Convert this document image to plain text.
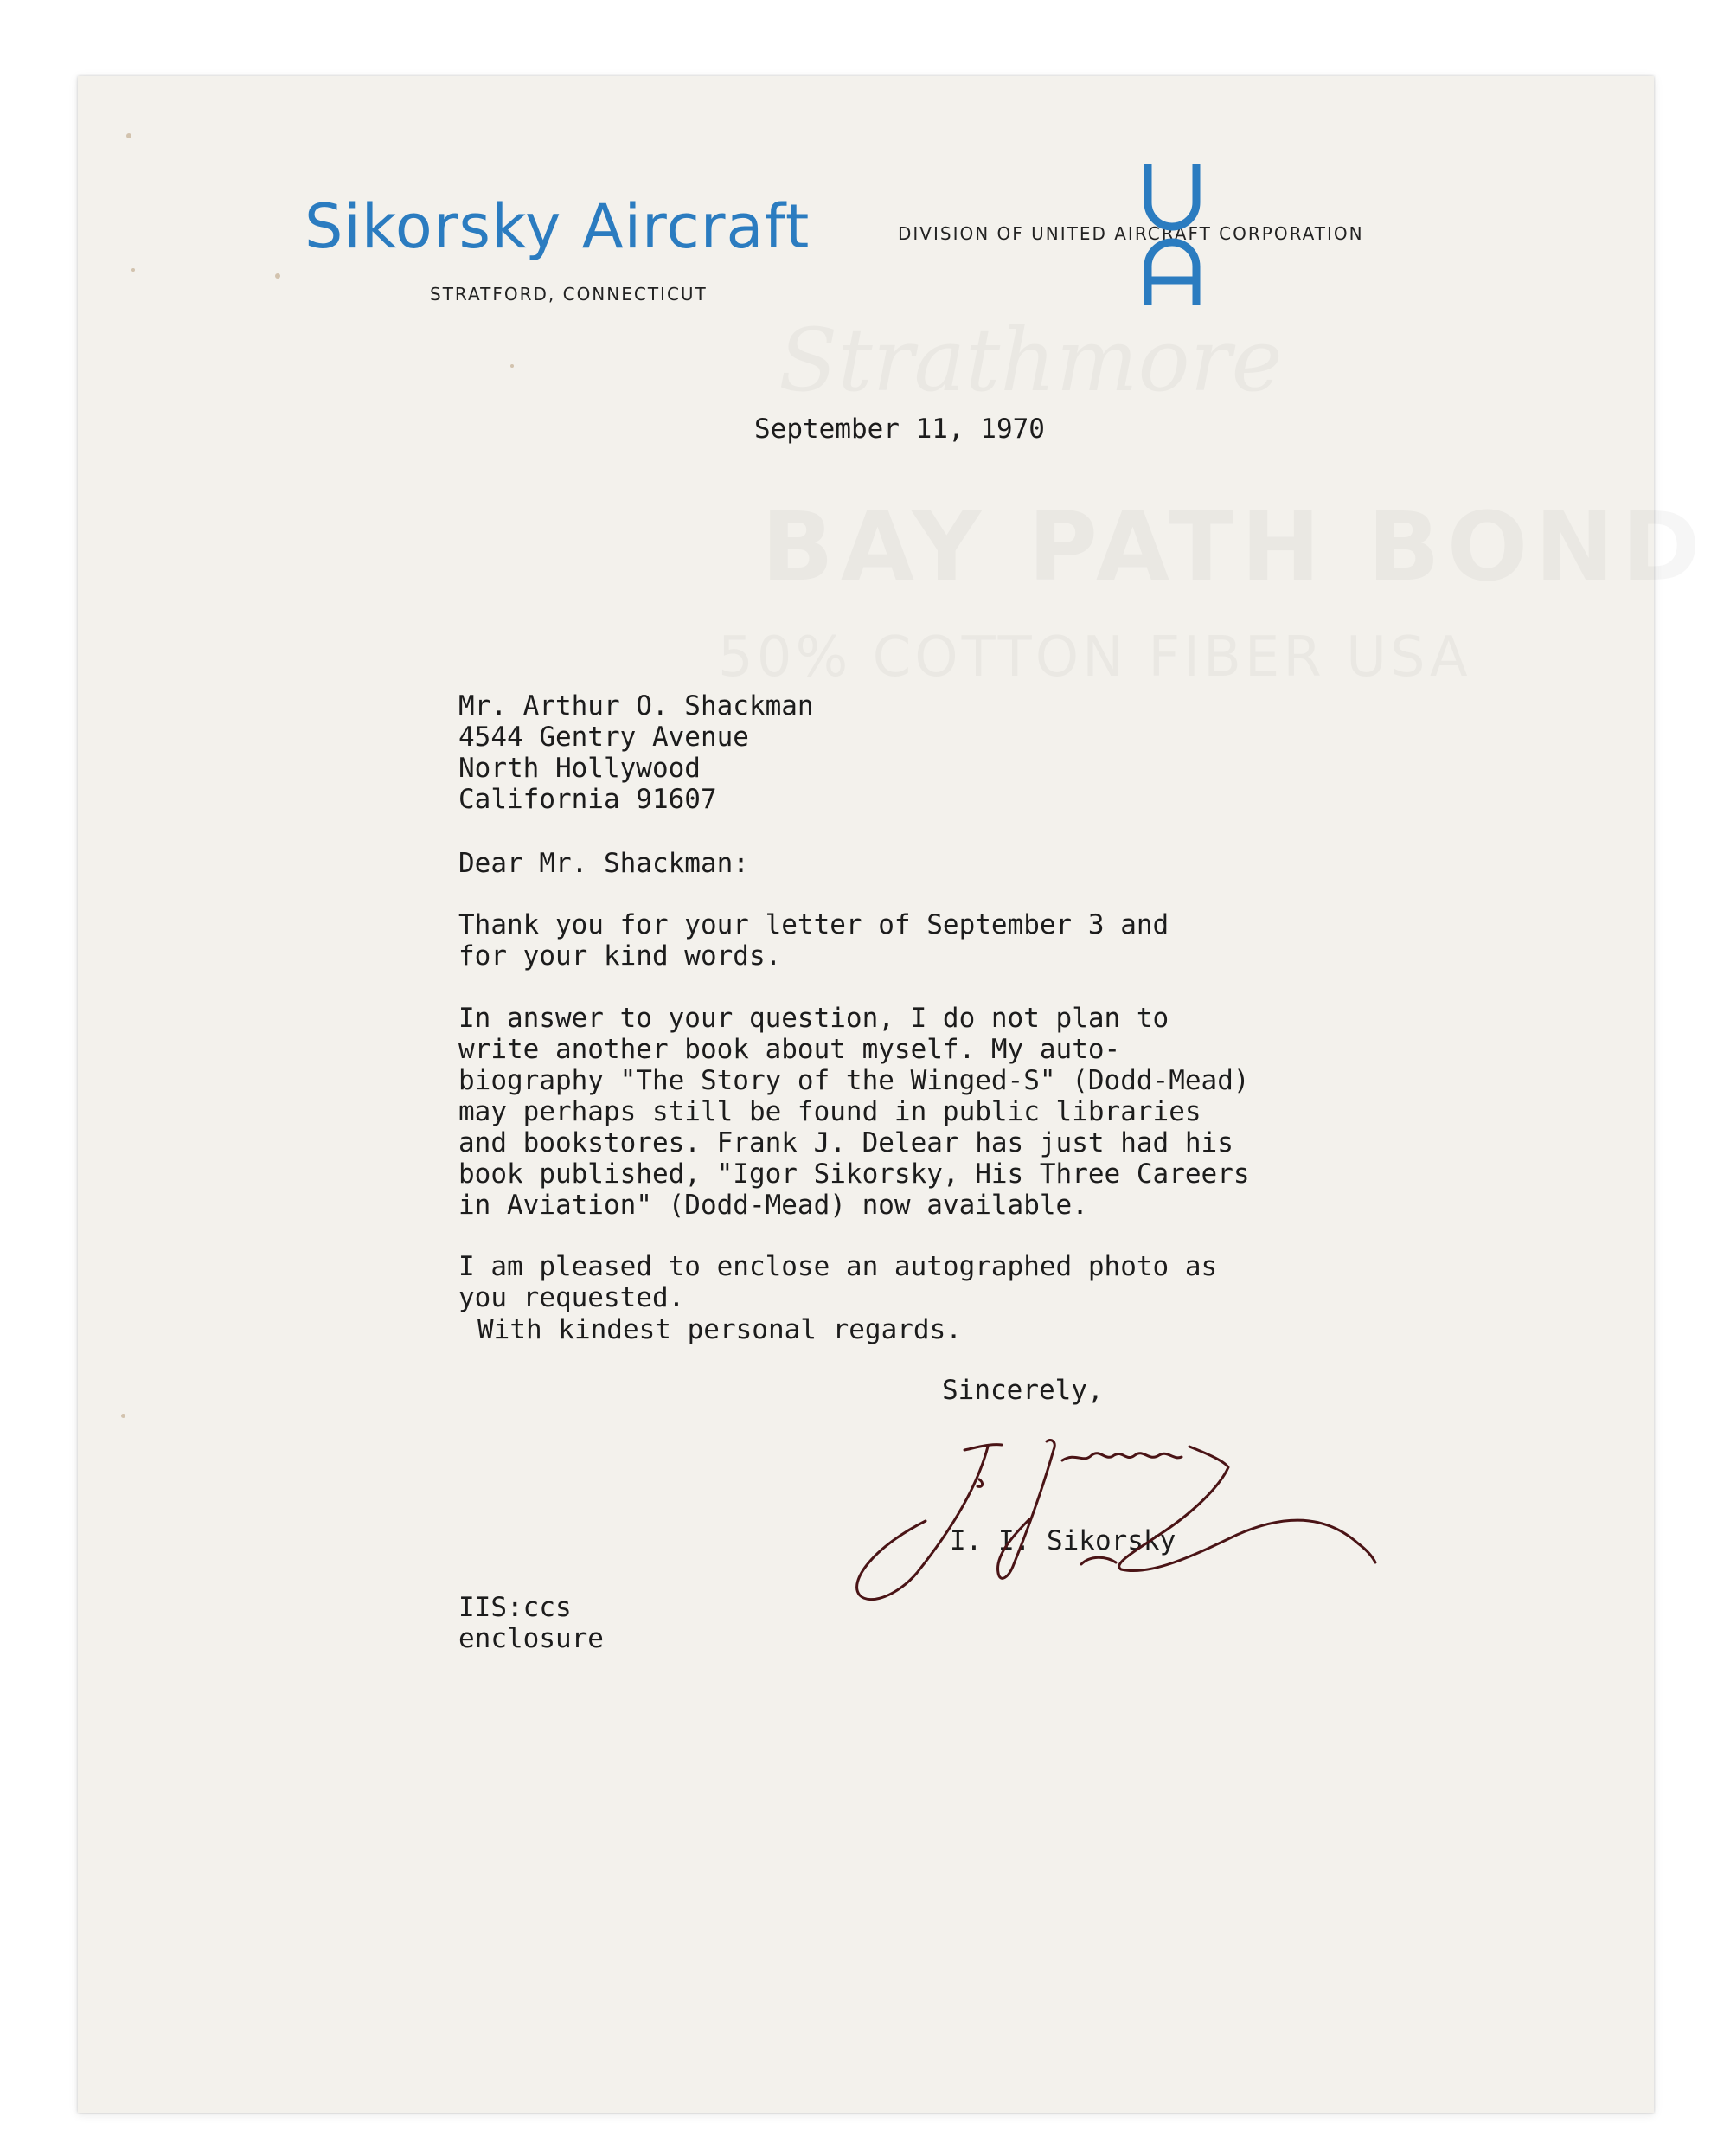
Sikorsky Aircraft
STRATFORD, CONNECTICUT
DIVISION OF UNITED AIRCRAFT CORPORATION

September 11, 1970

Mr. Arthur O. Shackman
4544 Gentry Avenue
North Hollywood
California 91607

Dear Mr. Shackman:

Thank you for your letter of September 3 and
for your kind words.
In answer to your question, I do not plan to
write another book about myself. My auto-
biography "The Story of the Winged-S" (Dodd-Mead)
may perhaps still be found in public libraries
and bookstores. Frank J. Delear has just had his
book published, "Igor Sikorsky, His Three Careers
in Aviation" (Dodd-Mead) now available.
I am pleased to enclose an autographed photo as
you requested.

With kindest personal regards.

Sincerely,

I. I. Sikorsky

IIS:ccs
enclosure
